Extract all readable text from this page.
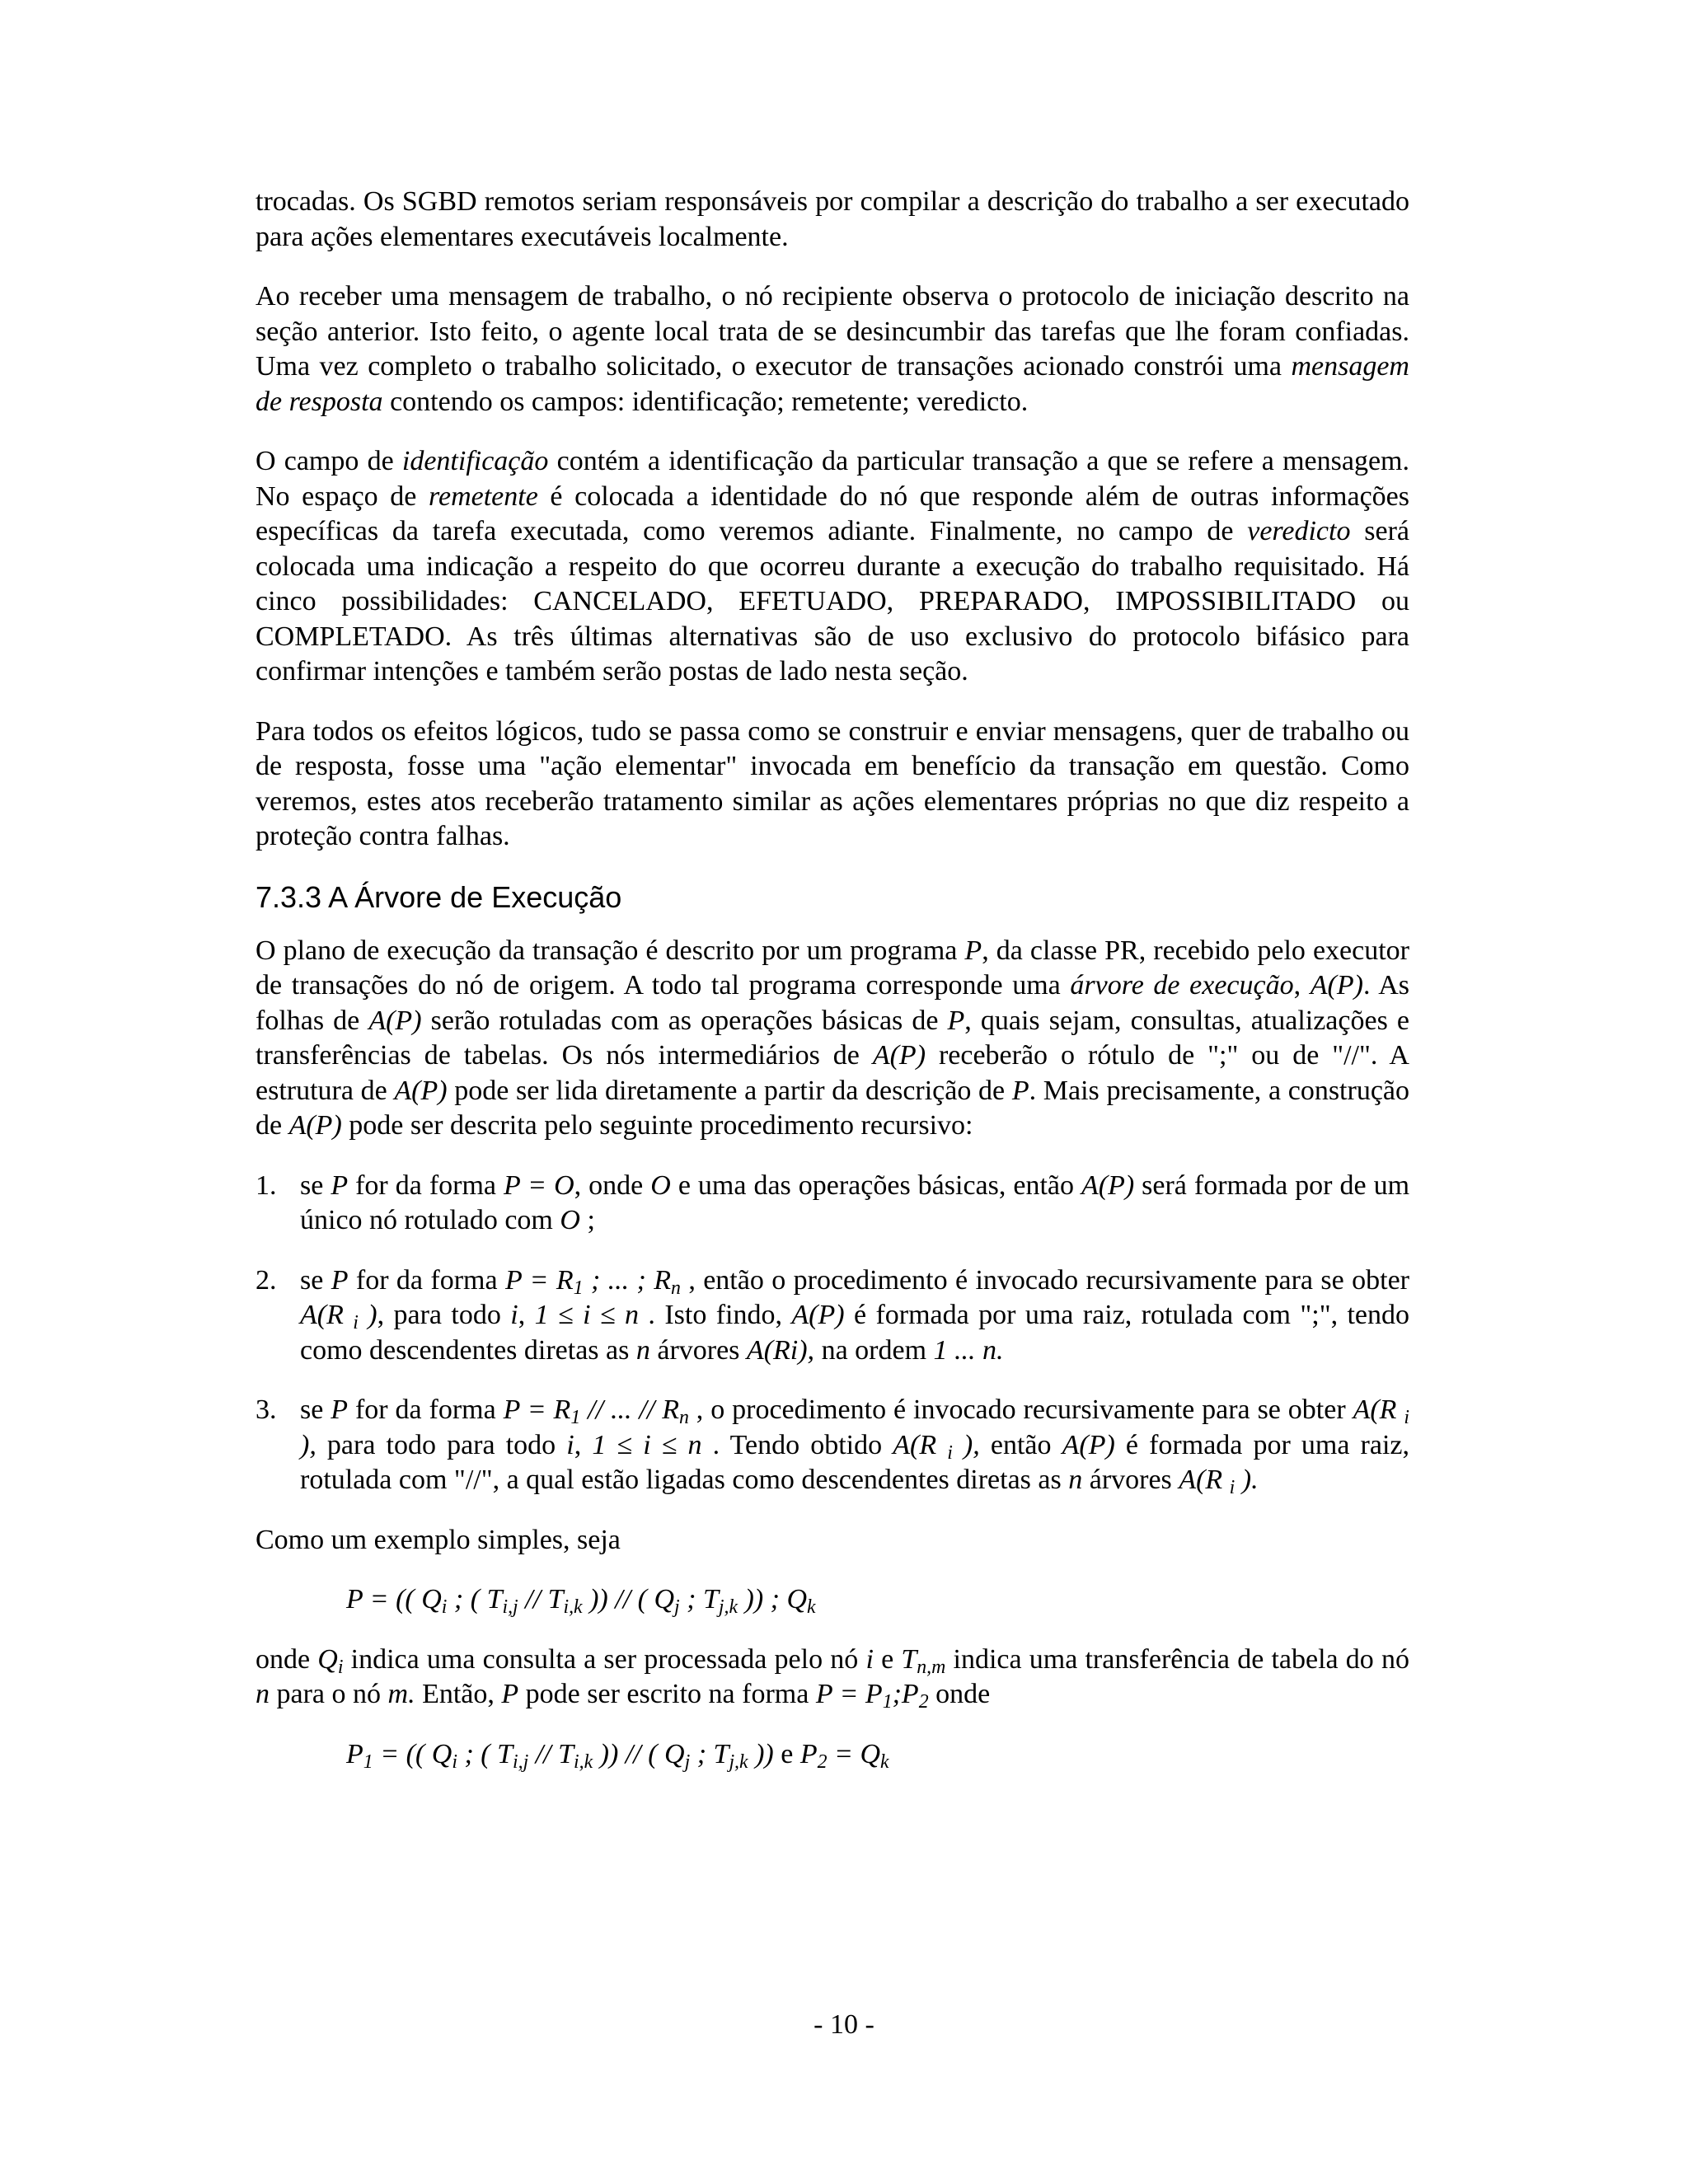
trocadas. Os SGBD remotos seriam responsáveis por compilar a descrição do trabalho a ser executado para ações elementares executáveis localmente.

Ao receber uma mensagem de trabalho, o nó recipiente observa o protocolo de iniciação descrito na seção anterior. Isto feito, o agente local trata de se desincumbir das tarefas que lhe foram confiadas. Uma vez completo o trabalho solicitado, o executor de transações acionado constrói uma mensagem de resposta contendo os campos: identificação; remetente; veredicto.

O campo de identificação contém a identificação da particular transação a que se refere a mensagem. No espaço de remetente é colocada a identidade do nó que responde além de outras informações específicas da tarefa executada, como veremos adiante. Finalmente, no campo de veredicto será colocada uma indicação a respeito do que ocorreu durante a execução do trabalho requisitado. Há cinco possibilidades: CANCELADO, EFETUADO, PREPARADO, IMPOSSIBILITADO ou COMPLETADO. As três últimas alternativas são de uso exclusivo do protocolo bifásico para confirmar intenções e também serão postas de lado nesta seção.

Para todos os efeitos lógicos, tudo se passa como se construir e enviar mensagens, quer de trabalho ou de resposta, fosse uma "ação elementar" invocada em benefício da transação em questão. Como veremos, estes atos receberão tratamento similar as ações elementares próprias no que diz respeito a proteção contra falhas.

7.3.3 A Árvore de Execução

O plano de execução da transação é descrito por um programa P, da classe PR, recebido pelo executor de transações do nó de origem. A todo tal programa corresponde uma árvore de execução, A(P). As folhas de A(P) serão rotuladas com as operações básicas de P, quais sejam, consultas, atualizações e transferências de tabelas. Os nós intermediários de A(P) receberão o rótulo de ";" ou de "//". A estrutura de A(P) pode ser lida diretamente a partir da descrição de P. Mais precisamente, a construção de A(P) pode ser descrita pelo seguinte procedimento recursivo:

1. se P for da forma P = O, onde O e uma das operações básicas, então A(P) será formada por de um único nó rotulado com O ;
2. se P for da forma $P = R_1$ ; ... ; $R_n$ , então o procedimento é invocado recursivamente para se obter A(R $_i$ ), para todo i, 1 ≤ i ≤ n . Isto findo, A(P) é formada por uma raiz, rotulada com ";", tendo como descendentes diretas as n árvores A(Ri), na ordem 1 ... n.
3. se P for da forma $P = R_1$ // ... // $R_n$ , o procedimento é invocado recursivamente para se obter A(R $_i$ ), para todo para todo i, 1 ≤ i ≤ n . Tendo obtido A(R $_i$ ), então A(P) é formada por uma raiz, rotulada com "//", a qual estão ligadas como descendentes diretas as n árvores A(R $_i$ ).

Como um exemplo simples, seja

P = (( $Q_i$ ; ( $T_{i,j} // T_{i,k}$ )) // ( $Q_j$ ; $T_{j,k}$ )) ; $Q_k$

onde $Q_i$ indica uma consulta a ser processada pelo nó i e $T_{n,m}$ indica uma transferência de tabela do nó n para o nó m. Então, P pode ser escrito na forma $P = P_1;P_2$ onde

$P_1$ = (( $Q_i$ ; ( $T_{i,j} // T_{i,k}$ )) // ( $Q_j$ ; $T_{j,k}$ )) e $P_2 = Q_k$

- 10 -
